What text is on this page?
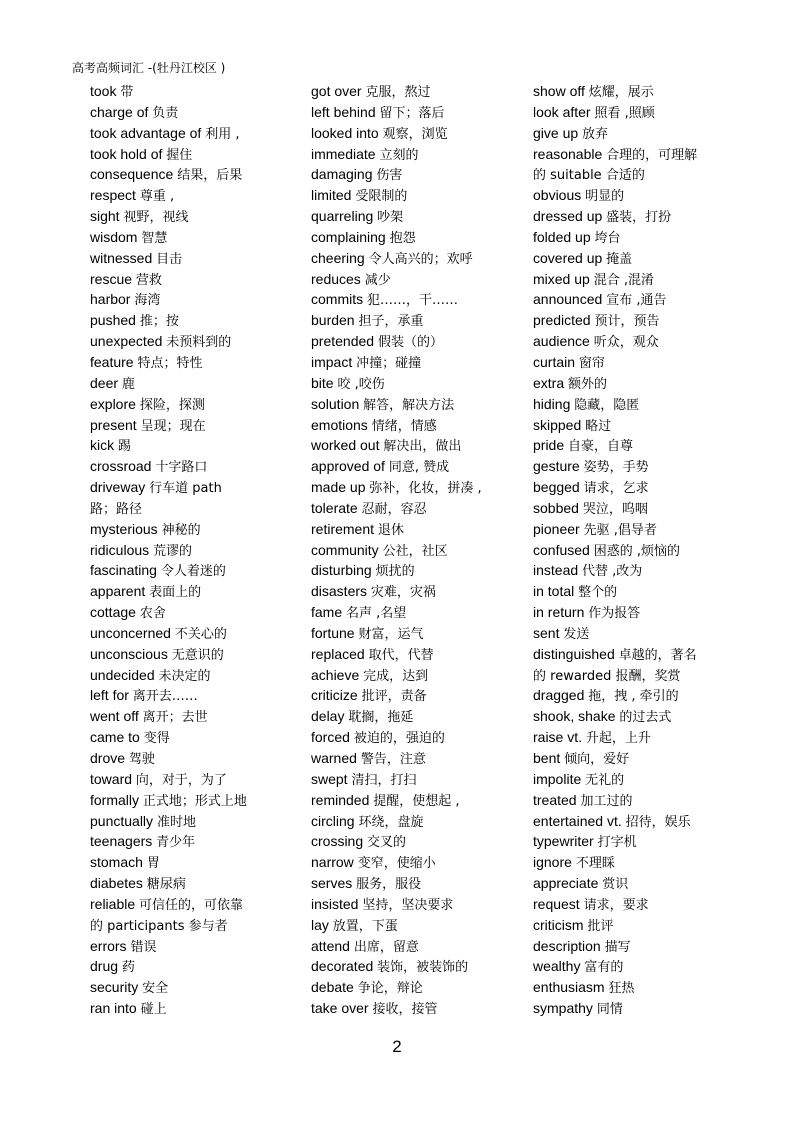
高考高频词汇 -(牡丹江校区 )
took 带
charge of 负责
took advantage of 利用 ,
took hold of 握住
consequence 结果，后果
respect 尊重 ,
sight 视野，视线
wisdom 智慧
witnessed 目击
rescue 营救
harbor 海湾
pushed 推；按
unexpected 未预料到的
feature 特点；特性
deer 鹿
explore 探险，探测
present 呈现；现在
kick 踢
crossroad 十字路口
driveway 行车道 path
路；路径
mysterious 神秘的
ridiculous 荒谬的
fascinating 令人着迷的
apparent 表面上的
cottage 农舍
unconcerned 不关心的
unconscious 无意识的
undecided 未决定的
left for 离开去……
went off 离开；去世
came to 变得
drove 驾驶
toward 向，对于，为了
formally 正式地；形式上地
punctually 准时地
teenagers 青少年
stomach 胃
diabetes 糖尿病
reliable 可信任的，可依靠
的 participants 参与者
errors 错误
drug 药
security 安全
ran into 碰上
got over 克服，熬过
left behind 留下；落后
looked into 观察，浏览
immediate 立刻的
damaging 伤害
limited 受限制的
quarreling 吵架
complaining 抱怨
cheering 令人高兴的；欢呼
reduces 减少
commits 犯……，干……
burden 担子，承重
pretended 假装（的）
impact 冲撞；碰撞
bite 咬 ,咬伤
solution 解答，解决方法
emotions 情绪，情感
worked out 解决出，做出
approved of 同意, 赞成
made up 弥补，化妆，拼凑 ,
tolerate 忍耐，容忍
retirement 退休
community 公社，社区
disturbing 烦扰的
disasters 灾难，灾祸
fame 名声 ,名望
fortune 财富，运气
replaced 取代，代替
achieve 完成，达到
criticize 批评，责备
delay 耽搁，拖延
forced 被迫的，强迫的
warned 警告，注意
swept 清扫，打扫
reminded 提醒，使想起 ,
circling 环绕，盘旋
crossing 交叉的
narrow 变窄，使缩小
serves 服务，服役
insisted 坚持，坚决要求
lay 放置，下蛋
attend 出席，留意
decorated 装饰，被装饰的
debate 争论，辩论
take over 接收，接管
show off 炫耀，展示
look after 照看 ,照顾
give up 放弃
reasonable 合理的，可理解
的 suitable 合适的
obvious 明显的
dressed up 盛装，打扮
folded up 垮台
covered up 掩盖
mixed up 混合 ,混淆
announced 宣布 ,通告
predicted 预计，预告
audience 听众，观众
curtain 窗帘
extra 额外的
hiding 隐藏，隐匿
skipped 略过
pride 自豪，自尊
gesture 姿势，手势
begged 请求，乞求
sobbed 哭泣，呜咽
pioneer 先驱 ,倡导者
confused 困惑的 ,烦恼的
instead 代替 ,改为
in total 整个的
in return 作为报答
sent 发送
distinguished 卓越的，著名
的 rewarded 报酬，奖赏
dragged 拖，拽 , 牵引的
shook, shake 的过去式
raise vt. 升起，上升
bent 倾向，爱好
impolite 无礼的
treated 加工过的
entertained vt. 招待，娱乐
typewriter 打字机
ignore 不理睬
appreciate 赏识
request 请求，要求
criticism 批评
description 描写
wealthy 富有的
enthusiasm 狂热
sympathy 同情
2
